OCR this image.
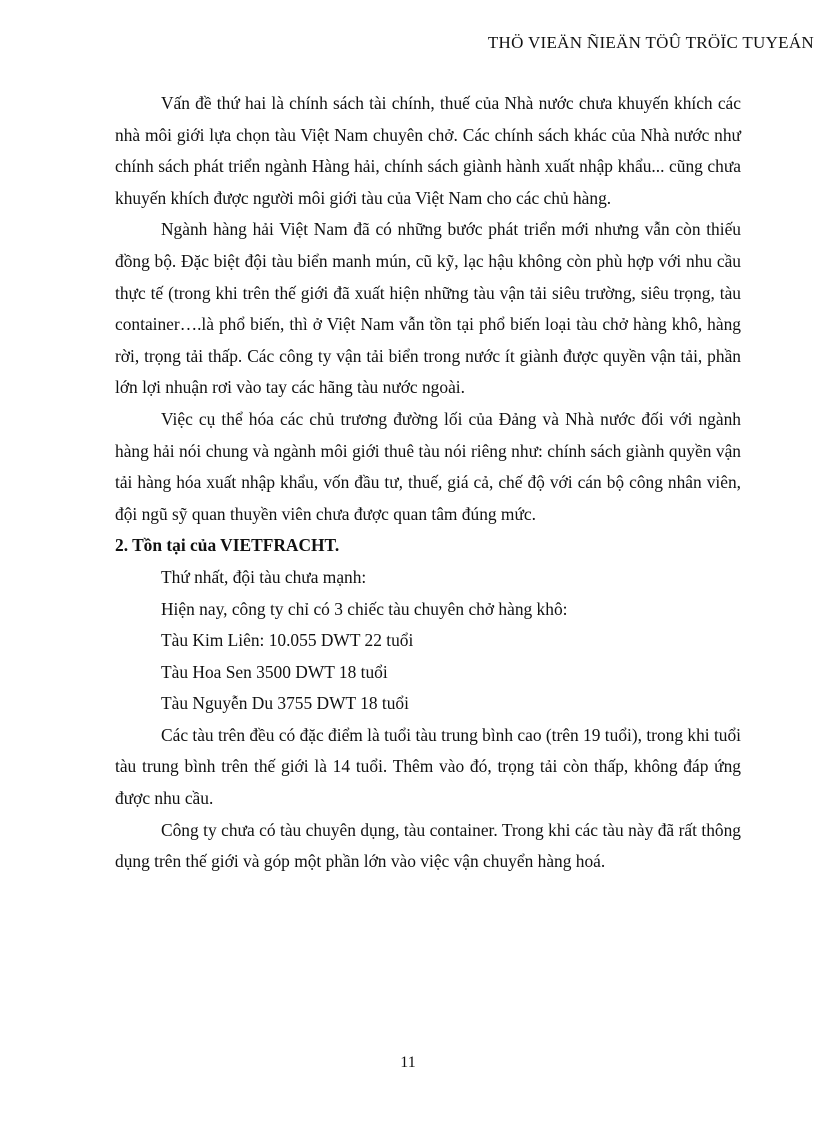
THÖ VIEÄN ÑIEÄN TÖÛ TRÖÏC TUYEÁN

Vấn đề thứ hai là chính sách tài chính, thuế của Nhà nước chưa khuyến khích các nhà môi giới lựa chọn tàu Việt Nam chuyên chở. Các chính sách khác của Nhà nước như chính sách phát triển ngành Hàng hải, chính sách giành hành xuất nhập khẩu... cũng chưa khuyến khích được người môi giới tàu của Việt Nam cho các chủ hàng.

Ngành hàng hải Việt Nam đã có những bước phát triển mới nhưng vẫn còn thiếu đồng bộ. Đặc biệt đội tàu biển manh mún, cũ kỹ, lạc hậu không còn phù hợp với nhu cầu thực tế (trong khi trên thế giới đã xuất hiện những tàu vận tải siêu trường, siêu trọng, tàu container….là phổ biến, thì ở Việt Nam vẫn tồn tại phổ biến loại tàu chở hàng khô, hàng rời, trọng tải thấp. Các công ty vận tải biển trong nước ít giành được quyền vận tải, phần lớn lợi nhuận rơi vào tay các hãng tàu nước ngoài.

Việc cụ thể hóa các chủ trương đường lối của Đảng và Nhà nước đối với ngành hàng hải nói chung và ngành môi giới thuê tàu nói riêng như: chính sách giành quyền vận tải hàng hóa xuất nhập khẩu, vốn đầu tư, thuế, giá cả, chế độ với cán bộ công nhân viên, đội ngũ sỹ quan thuyền viên chưa được quan tâm đúng mức.

2. Tồn tại của VIETFRACHT.

Thứ nhất, đội tàu chưa mạnh:

Hiện nay, công ty chỉ có 3 chiếc tàu chuyên chở hàng khô:

Tàu Kim Liên: 10.055 DWT 22 tuổi

Tàu Hoa Sen 3500 DWT 18 tuổi

Tàu Nguyễn Du 3755 DWT 18 tuổi

Các tàu trên đều có đặc điểm là tuổi tàu trung bình cao (trên 19 tuổi), trong khi tuổi tàu trung bình trên thế giới là 14 tuổi. Thêm vào đó, trọng tải còn thấp, không đáp ứng được nhu cầu.

Công ty chưa có tàu chuyên dụng, tàu container. Trong khi các tàu này đã rất thông dụng trên thế giới và góp một phần lớn vào việc vận chuyển hàng hoá.

11
